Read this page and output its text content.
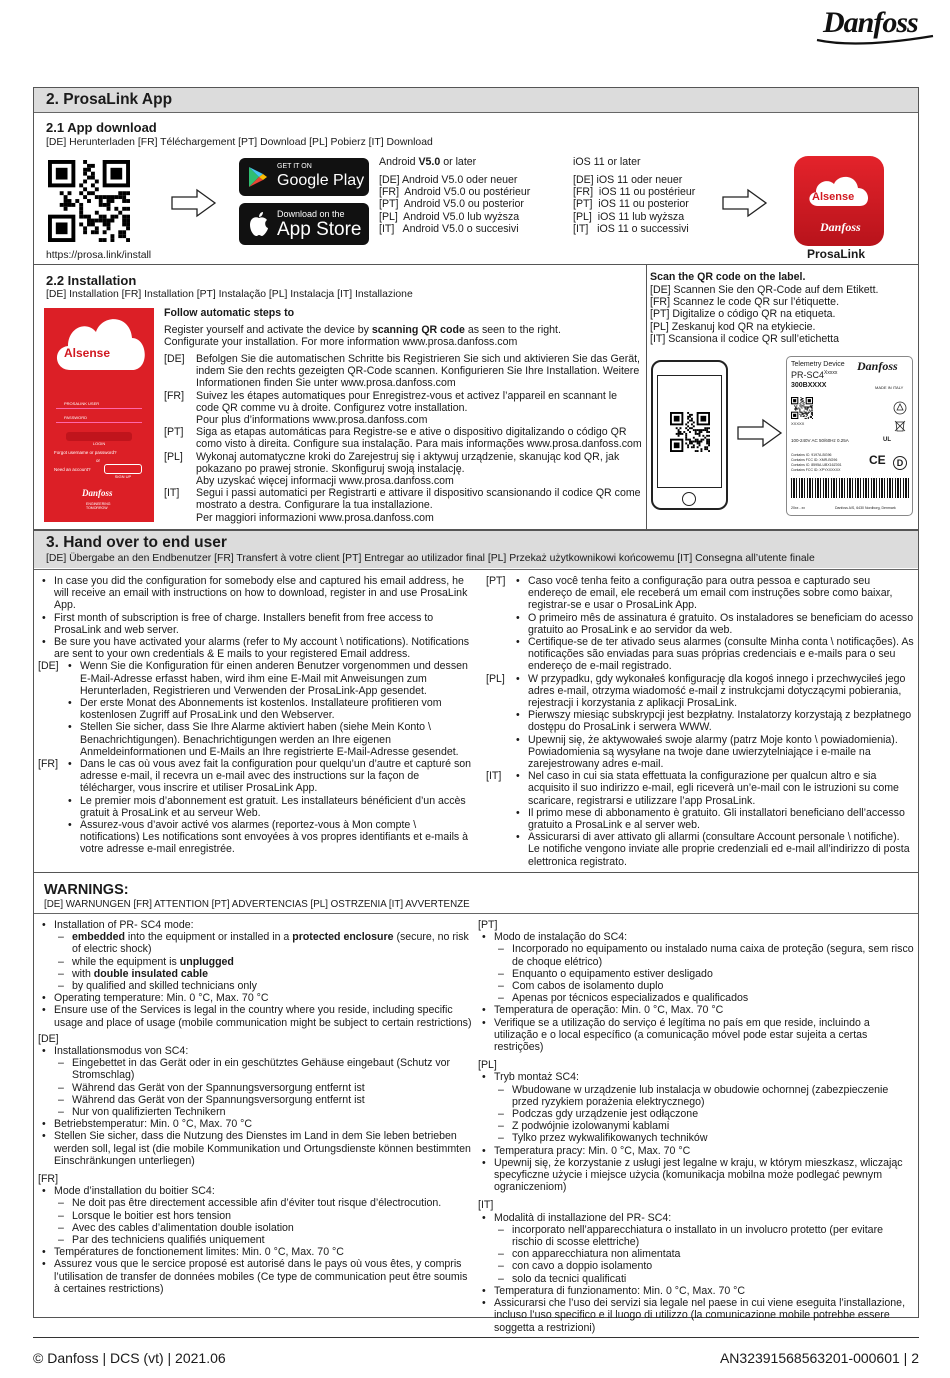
Danfoss
2. ProsaLink App
2.1 App download
[DE] Herunterladen [FR] Téléchargement [PT] Download [PL] Pobierz [IT] Download
https://prosa.link/install
GET IT ON
Google Play
Download on the
App Store
Android V5.0 or later
[DE] Android V5.0 oder neuer
[FR]  Android V5.0 ou postérieur
[PT]  Android V5.0 ou posterior
[PL]  Android V5.0 lub wyższa
[IT]   Android V5.0 o succesivi
iOS 11 or later
[DE] iOS 11 oder neuer
[FR]  iOS 11 ou postérieur
[PT]  iOS 11 ou posterior
[PL]  iOS 11 lub wyższa
[IT]   iOS 11 o successivi
Alsense
Danfoss
ProsaLink
2.2 Installation
[DE] Installation [FR] Installation [PT] Instalação [PL] Instalacja [IT] Installazione
Alsense
PROSALINK USER
PASSWORD
LOGIN
Forgot username or password?
or
Need an account?
SIGN UP
Danfoss
ENGINEERING
TOMORROW
Follow automatic steps to
Register yourself and activate the device by scanning QR code as seen to the right.
Configurate your installation. For more information www.prosa.danfoss.com
[DE] Befolgen Sie die automatischen Schritte bis Registrieren Sie sich und aktivieren Sie das Gerät, indem Sie den rechts gezeigten QR-Code scannen. Konfigurieren Sie Ihre Installation. Weitere Informationen finden Sie unter www.prosa.danfoss.com
[FR] Suivez les étapes automatiques pour Enregistrez-vous et activez l’appareil en scannant le code QR comme vu à droite. Configurez votre installation.
Pour plus d’informations www.prosa.danfoss.com
[PT] Siga as etapas automáticas para Registre-se e ative o dispositivo digitalizando o código QR como visto à direita. Configure sua instalação. Para mais informações www.prosa.danfoss.com
[PL] Wykonaj automatyczne kroki do Zarejestruj się i aktywuj urządzenie, skanując kod QR, jak pokazano po prawej stronie. Skonfiguruj swoją instalację.
Aby uzyskać więcej informacji www.prosa.danfoss.com
[IT] Segui i passi automatici per Registrarti e attivare il dispositivo scansionando il codice QR come mostrato a destra. Configurare la tua installazione.
Per maggiori informazioni www.prosa.danfoss.com
Scan the QR code on the label.
[DE] Scannen Sie den QR-Code auf dem Etikett.
[FR] Scannez le code QR sur l’étiquette.
[PT] Digitalize o código QR na etiqueta.
[PL] Zeskanuj kod QR na etykiecie.
[IT] Scansiona il codice QR sull’etichetta
Telemetry Device
$PR-SC4^{Xxxxx}$
300BXXXX
Danfoss
MADE IN ITALY
XXXXX
100-240V AC 50/60Hz 0.25A
Contains IC: 9197A-BG96
Contains FCC ID: XMR-BG96
Contains IC: 8595A-UBX16Z001
Contains FCC ID: XPYXXXXXX
UL
CE	D
20xx - xx	Danfoss A/S, 6430 Nordborg, Denmark
3. Hand over to end user
[DE] Übergabe an den Endbenutzer [FR] Transfert à votre client [PT] Entregar ao utilizador final [PL] Przekaż użytkownikowi końcowemu [IT] Consegna all’utente finale
• In case you did the configuration for somebody else and captured his email address, he will receive an email with instructions on how to download, register in and use ProsaLink App.
• First month of subscription is free of charge. Installers benefit from free access to ProsaLink and web server.
• Be sure you have activated your alarms (refer to My account \ notifications). Notifications are sent to your own credentials & E mails to your registered Email address.
[DE]	• Wenn Sie die Konfiguration für einen anderen Benutzer vorgenommen und dessen E-Mail-Adresse erfasst haben, wird ihm eine E-Mail mit Anweisungen zum Herunterladen, Registrieren und Verwenden der ProsaLink-App gesendet.
• Der erste Monat des Abonnements ist kostenlos. Installateure profitieren vom kostenlosen Zugriff auf ProsaLink und den Webserver.
• Stellen Sie sicher, dass Sie Ihre Alarme aktiviert haben (siehe Mein Konto \ Benachrichtigungen). Benachrichtigungen werden an Ihre eigenen Anmeldeinformationen und E-Mails an Ihre registrierte E-Mail-Adresse gesendet.
[FR]	• Dans le cas où vous avez fait la configuration pour quelqu’un d’autre et capturé son adresse e-mail, il recevra un e-mail avec des instructions sur la façon de télécharger, vous inscrire et utiliser ProsaLink App.
• Le premier mois d’abonnement est gratuit. Les installateurs bénéficient d’un accès gratuit à ProsaLink et au serveur Web.
• Assurez-vous d’avoir activé vos alarmes (reportez-vous à Mon compte \ notifications) Les notifications sont envoyées à vos propres identifiants et e-mails à votre adresse e-mail enregistrée.
[PT]	• Caso você tenha feito a configuração para outra pessoa e capturado seu endereço de email, ele receberá um email com instruções sobre como baixar, registrar-se e usar o ProsaLink App.
• O primeiro mês de assinatura é gratuito. Os instaladores se beneficiam do acesso gratuito ao ProsaLink e ao servidor da web.
• Certifique-se de ter ativado seus alarmes (consulte Minha conta \ notificações). As notificações são enviadas para suas próprias credenciais e e-mails para o seu endereço de e-mail registrado.
[PL]	• W przypadku, gdy wykonałeś konfigurację dla kogoś innego i przechwyciłeś jego adres e-mail, otrzyma wiadomość e-mail z instrukcjami dotyczącymi pobierania, rejestracji i korzystania z aplikacji ProsaLink.
• Pierwszy miesiąc subskrypcji jest bezpłatny. Instalatorzy korzystają z bezpłatnego dostępu do ProsaLink i serwera WWW.
• Upewnij się, że aktywowałeś swoje alarmy (patrz Moje konto \ powiadomienia). Powiadomienia są wysyłane na twoje dane uwierzytelniające i e-maile na zarejestrowany adres e-mail.
[IT]	• Nel caso in cui sia stata effettuata la configurazione per qualcun altro e sia acquisito il suo indirizzo e-mail, egli riceverà un’e-mail con le istruzioni su come scaricare, registrarsi e utilizzare l’app ProsaLink.
• Il primo mese di abbonamento è gratuito. Gli installatori beneficiano dell’accesso gratuito a ProsaLink e al server web.
• Assicurarsi di aver attivato gli allarmi (consultare Account personale \ notifiche). Le notifiche vengono inviate alle proprie credenziali ed e-mail all’indirizzo di posta elettronica registrato.
WARNINGS:
[DE] WARNUNGEN [FR] ATTENTION [PT] ADVERTENCIAS [PL] OSTRZENIA [IT] AVVERTENZE
• Installation of PR- SC4 mode:
– embedded into the equipment or installed in a protected enclosure (secure, no risk of electric shock)
– while the equipment is unplugged
– with double insulated cable
– by qualified and skilled technicians only
• Operating temperature: Min. 0 °C, Max. 70 °C
• Ensure use of the Services is legal in the country where you reside, including specific usage and place of usage (mobile communication might be subject to certain restrictions)
[DE]
• Installationsmodus von SC4:
– Eingebettet in das Gerät oder in ein geschütztes Gehäuse eingebaut (Schutz vor Stromschlag)
– Während das Gerät von der Spannungsversorgung entfernt ist
– Während das Gerät von der Spannungsversorgung entfernt ist
– Nur von qualifizierten Technikern
• Betriebstemperatur: Min. 0 °C, Max. 70 °C
• Stellen Sie sicher, dass die Nutzung des Dienstes im Land in dem Sie leben betrieben werden soll, legal ist (die mobile Kommunikation und Ortungsdienste können bestimmten Einschränkungen unterliegen)
[FR]
• Mode d’installation du boitier SC4:
– Ne doit pas être directement accessible afin d’éviter tout risque d’électrocution.
– Lorsque le boitier est hors tension
– Avec des cables d’alimentation double isolation
– Par des techniciens qualifiés uniquement
• Températures de fonctionement limites: Min. 0 °C, Max. 70 °C
• Assurez vous que le sercice proposé est autorisé dans le pays où vous êtes, y compris l’utilisation de transfer de données mobiles (Ce type de communication peut être soumis à certaines restrictions)
[PT]
• Modo de instalação do SC4:
– Incorporado no equipamento ou instalado numa caixa de proteção (segura, sem risco de choque elétrico)
– Enquanto o equipamento estiver desligado
– Com cabos de isolamento duplo
– Apenas por técnicos especializados e qualificados
• Temperatura de operação: Min. 0 °C, Max. 70 °C
• Verifique se a utilização do serviço é legítima no país em que reside, incluindo a utilização e o local específico (a comunicação móvel pode estar sujeita a certas restrições)
[PL]
• Tryb montaż SC4:
– Wbudowane w urządzenie lub instalacja w obudowie ochornnej (zabezpieczenie przed ryzykiem porażenia elektrycznego)
– Podczas gdy urządzenie jest odłączone
– Z podwójnie izolowanymi kablami
– Tylko przez wykwalifikowanych techników
• Temperatura pracy: Min. 0 °C, Max. 70 °C
• Upewnij się, że korzystanie z usługi jest legalne w kraju, w którym mieszkasz, wliczając specyficzne użycie i miejsce użycia (komunikacja mobilna może podlegać pewnym ograniczeniom)
[IT]
• Modalità di installazione del PR- SC4:
– incorporato nell’apparecchiatura o installato in un involucro protetto (per evitare rischio di scosse elettriche)
– con apparecchiatura non alimentata
– con cavo a doppio isolamento
– solo da tecnici qualificati
• Temperatura di funzionamento: Min. 0 °C, Max. 70 °C
• Assicurarsi che l’uso dei servizi sia legale nel paese in cui viene eseguita l’installazione, incluso l’uso specifico e il luogo di utilizzo (la comunicazione mobile potrebbe essere soggetta a restrizioni)
© Danfoss | DCS (vt) | 2021.06	AN32391568563201-000601 | 2
